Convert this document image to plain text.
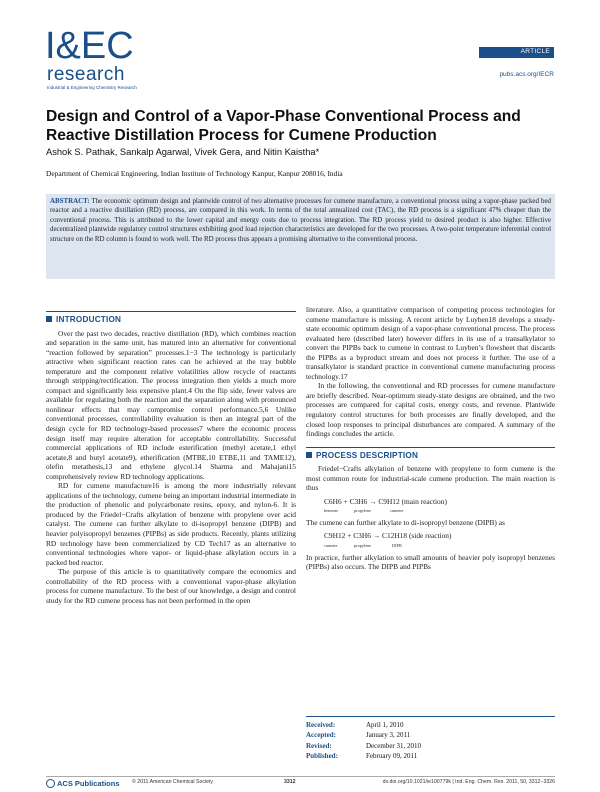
I&EC
research
Industrial & Engineering Chemistry Research
ARTICLE
pubs.acs.org/IECR
Design and Control of a Vapor-Phase Conventional Process and
Reactive Distillation Process for Cumene Production
Ashok S. Pathak, Sankalp Agarwal, Vivek Gera, and Nitin Kaistha*
Department of Chemical Engineering, Indian Institute of Technology Kanpur, Kanpur 208016, India
ABSTRACT: The economic optimum design and plantwide control of two alternative processes for cumene manufacture, a conventional process using a vapor-phase packed bed reactor and a reactive distillation (RD) process, are compared in this work. In terms of the total annualized cost (TAC), the RD process is a significant 47% cheaper than the conventional process. This is attributed to the lower capital and energy costs due to process integration. The RD process yield to desired product is also higher. Effective decentralized plantwide regulatory control structures exhibiting good load rejection characteristics are developed for the two processes. A two-point temperature inferential control structure on the RD column is found to work well. The RD process thus appears a promising alternative to the conventional process.
INTRODUCTION

Over the past two decades, reactive distillation (RD), which combines reaction and separation in the same unit, has matured into an alternative for conventional “reaction followed by separation” processes.1−3 The technology is particularly attractive when significant reaction rates can be achieved at the tray bubble temperature and the component relative volatilities allow recycle of reactants through stripping/rectification. The process integration then yields a much more compact and significantly less expensive plant.4 On the flip side, fewer valves are available for regulating both the reaction and the separation along with pronounced nonlinear effects that may compromise control performance.5,6 Unlike conventional processes, controllability evaluation is then an integral part of the design cycle for RD technology-based processes7 where the economic process design itself may require alteration for acceptable controllability. Successful commercial applications of RD include esterification (methyl acetate,1 ethyl acetate,8 and butyl acetate9), etherification (MTBE,10 ETBE,11 and TAME12), olefin metathesis,13 and ethylene glycol.14 Sharma and Mahajani15 comprehensively review RD technology applications.

RD for cumene manufacture16 is among the more industrially relevant applications of the technology, cumene being an important industrial intermediate in the production of phenolic and polycarbonate resins, epoxy, and nylon-6. It is produced by the Friedel−Crafts alkylation of benzene with propylene over acid catalyst. The cumene can further alkylate to di-isopropyl benzene (DIPB) and heavier polyisopropyl benzenes (PIPBs) as side products. Recently, plants utilizing RD technology have been commercialized by CD Tech17 as an alternative to conventional technologies where vapor- or liquid-phase alkylation occurs in a packed bed reactor.

The purpose of this article is to quantitatively compare the economics and controllability of the RD process with a conventional vapor-phase alkylation process for cumene manufacture. To the best of our knowledge, a design and control study for the RD cumene process has not been performed in the open

literature. Also, a quantitative comparison of competing process technologies for cumene manufacture is missing. A recent article by Luyben18 develops a steady-state economic optimum design of a vapor-phase conventional process. The process evaluated here (described later) however differs in its use of a transalkylator to convert the PIPBs back to cumene in contrast to Luyben’s flowsheet that discards the PIPBs as a byproduct stream and does not process it further. The use of a transalkylator is standard practice in conventional cumene manufacturing process technology.17

In the following, the conventional and RD processes for cumene manufacture are briefly described. Near-optimum steady-state designs are obtained, and the two processes are compared for capital costs, energy costs, and revenue. Plantwide regulatory control structures for both processes are finally developed, and the closed loop responses to principal disturbances are compared. A summary of the findings concludes the article.

PROCESS DESCRIPTION

Friedel−Crafts alkylation of benzene with propylene to form cumene is the most common route for industrial-scale cumene production. The main reaction is thus

C6H6 + C3H6 → C9H12 (main reaction)
benzene	propylene	cumene

The cumene can further alkylate to di-isopropyl benzene (DIPB) as

C9H12 + C3H6 → C12H18 (side reaction)
cumene	propylene	DIPB

In practice, further alkylation to small amounts of heavier poly isopropyl benzenes (PIPBs) also occurs. The DIPB and PIPBs

Received:	April 1, 2010
Accepted:	January 3, 2011
Revised:	December 31, 2010
Published:	February 09, 2011
ACS Publications © 2011 American Chemical Society	3312	dx.doi.org/10.1021/ie100779k | Ind. Eng. Chem. Res. 2011, 50, 3312−3326
